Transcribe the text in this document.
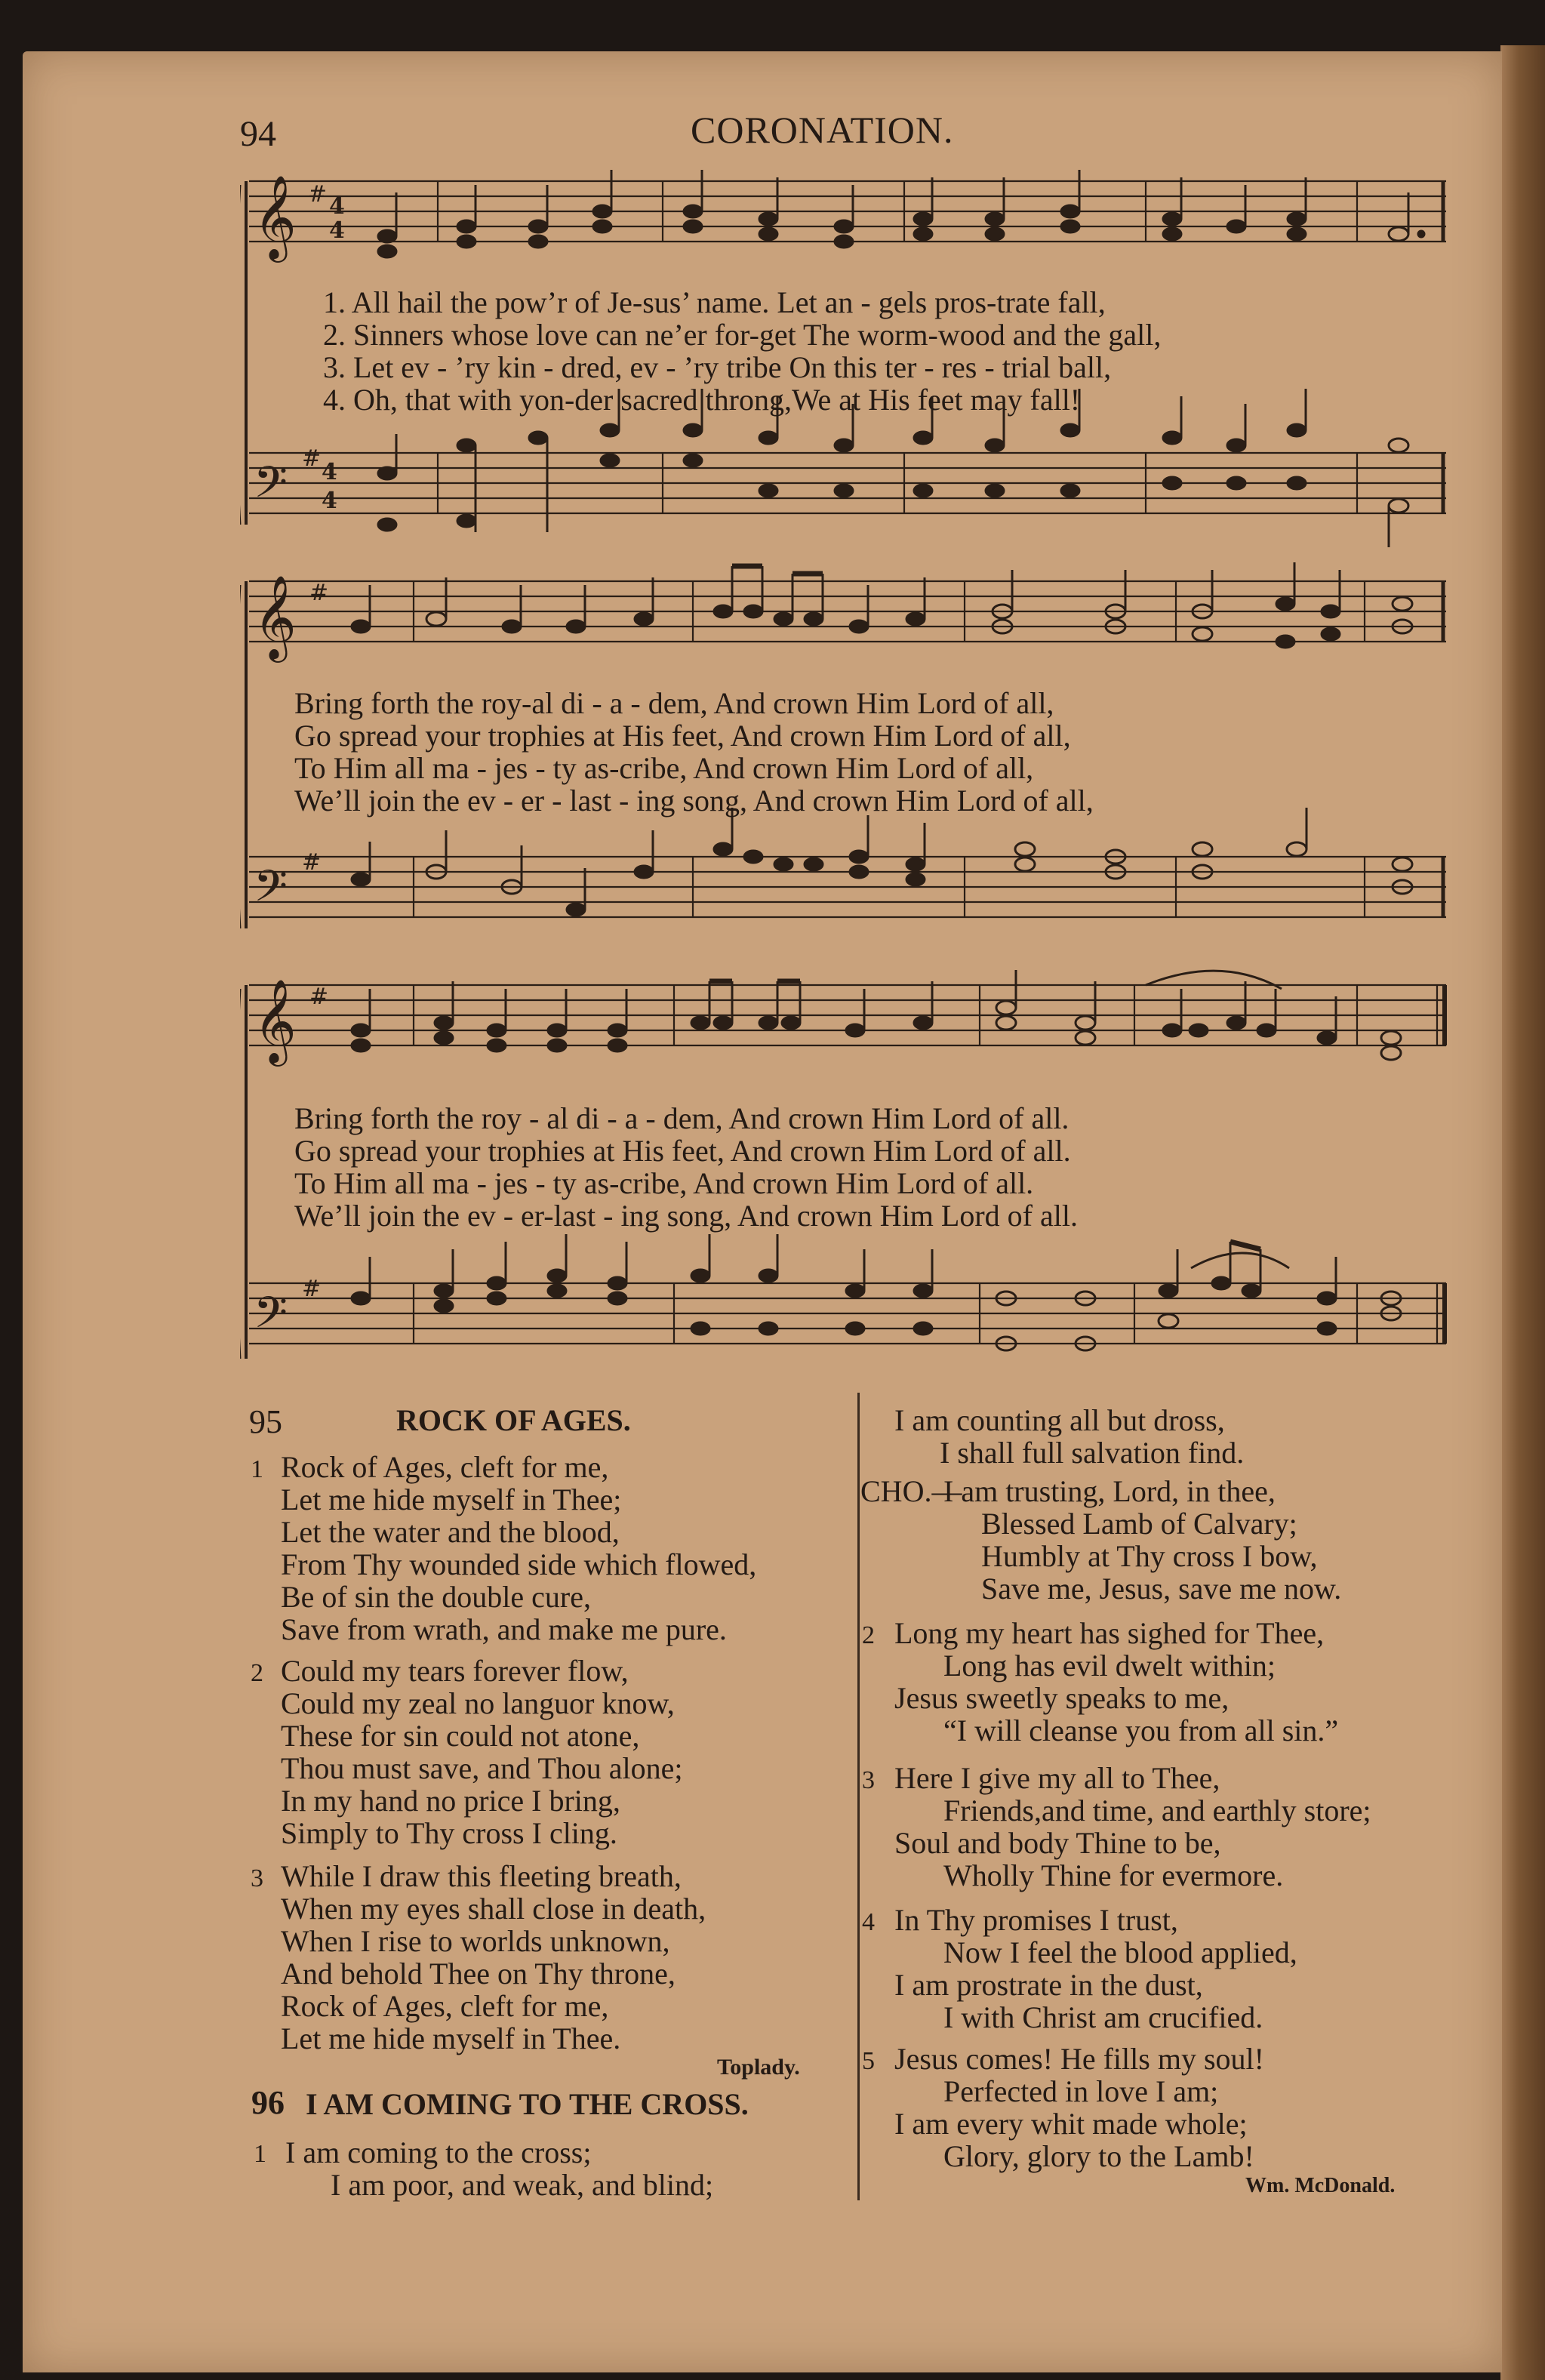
94	CORONATION.
𝄞 # 4
4
𝄢 #
4
4
1. All hail the pow’r of Je-sus’ name. Let an - gels pros-trate fall,
2. Sinners whose love can ne’er for-get The worm-wood and the gall,
3. Let ev - ’ry kin - dred, ev - ’ry tribe On this ter - res - trial ball,
4. Oh, that with yon-der sacred throng,We at His feet may fall!
𝄞 #
𝄢 #
Bring forth the roy-al di - a - dem, And crown Him Lord of all,
Go spread your trophies at His feet, And crown Him Lord of all,
To Him all ma - jes - ty as-cribe, And crown Him Lord of all,
We’ll join the ev - er - last - ing song, And crown Him Lord of all,
𝄞 #
𝄢 #
Bring forth the roy - al di - a - dem, And crown Him Lord of all.
Go spread your trophies at His feet, And crown Him Lord of all.
To Him all ma - jes - ty as-cribe, And crown Him Lord of all.
We’ll join the ev - er-last - ing song, And crown Him Lord of all.
95	ROCK OF AGES.
1 Rock of Ages, cleft for me,
Let me hide myself in Thee;
Let the water and the blood,
From Thy wounded side which flowed,
Be of sin the double cure,
Save from wrath, and make me pure.
2 Could my tears forever flow,
Could my zeal no languor know,
These for sin could not atone,
Thou must save, and Thou alone;
In my hand no price I bring,
Simply to Thy cross I cling.
3 While I draw this fleeting breath,
When my eyes shall close in death,
When I rise to worlds unknown,
And behold Thee on Thy throne,
Rock of Ages, cleft for me,
Let me hide myself in Thee.
Toplady.
96 I AM COMING TO THE CROSS.
1 I am coming to the cross;
I am poor, and weak, and blind;
I am counting all but dross,
I shall full salvation find.
CHO.—
I am trusting, Lord, in thee,
Blessed Lamb of Calvary;
Humbly at Thy cross I bow,
Save me, Jesus, save me now.
2 Long my heart has sighed for Thee,
Long has evil dwelt within;
Jesus sweetly speaks to me,
“I will cleanse you from all sin.”
3 Here I give my all to Thee,
Friends,and time, and earthly store;
Soul and body Thine to be,
Wholly Thine for evermore.
4 In Thy promises I trust,
Now I feel the blood applied,
I am prostrate in the dust,
I with Christ am crucified.
5 Jesus comes! He fills my soul!
Perfected in love I am;
I am every whit made whole;
Glory, glory to the Lamb!
Wm. McDonald.
